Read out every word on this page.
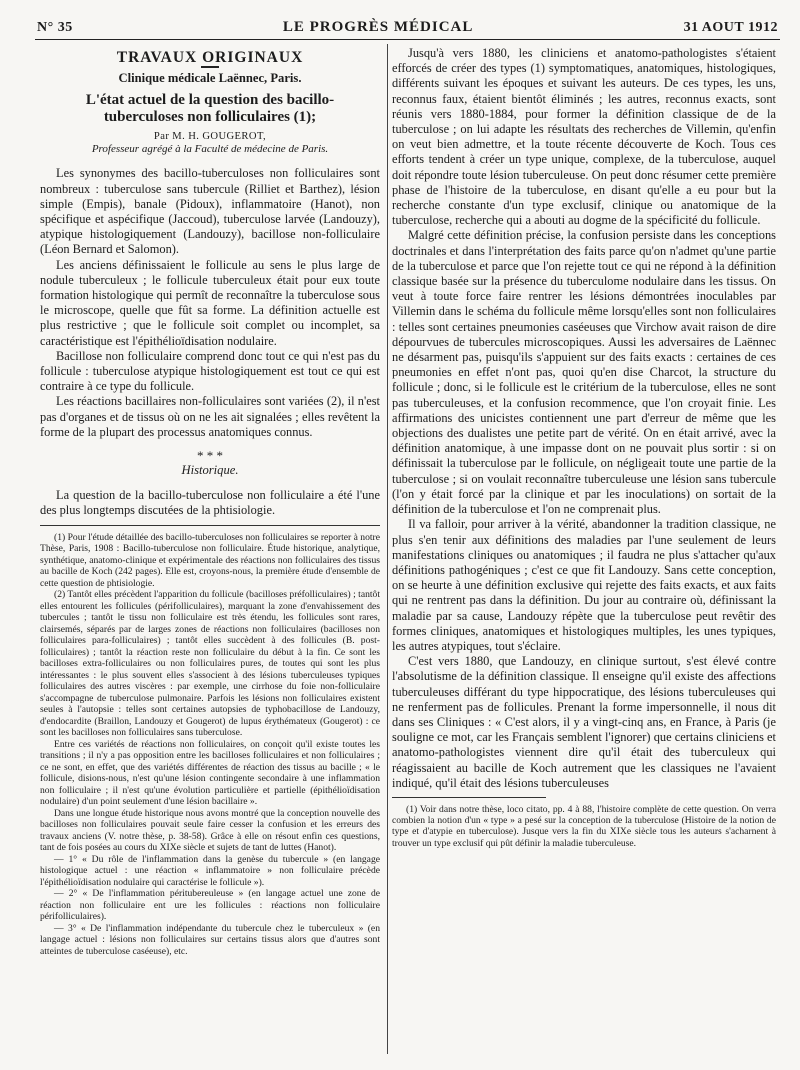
N° 35	LE PROGRÈS MÉDICAL	31 AOUT 1912
TRAVAUX ORIGINAUX
Clinique médicale Laënnec, Paris.
L'état actuel de la question des bacillo-tuberculoses non folliculaires (1);
Par M. H. GOUGEROT,
Professeur agrégé à la Faculté de médecine de Paris.

Les synonymes des bacillo-tuberculoses non folliculaires sont nombreux : tuberculose sans tubercule (Rilliet et Barthez), lésion simple (Empis), banale (Pidoux), inflammatoire (Hanot), non spécifique et aspécifique (Jaccoud), tuberculose larvée (Landouzy), atypique histologiquement (Landouzy), bacillose non-folliculaire (Léon Bernard et Salomon).

Les anciens définissaient le follicule au sens le plus large de nodule tuberculeux ; le follicule tuberculeux était pour eux toute formation histologique qui permît de reconnaître la tuberculose sous le microscope, quelle que fût sa forme. La définition actuelle est plus restrictive ; que le follicule soit complet ou incomplet, sa caractéristique est l'épithélioïdisation nodulaire.

Bacillose non folliculaire comprend donc tout ce qui n'est pas du follicule : tuberculose atypique histologiquement est tout ce qui est contraire à ce type du follicule.

Les réactions bacillaires non-folliculaires sont variées (2), il n'est pas d'organes et de tissus où on ne les ait signalées ; elles revêtent la forme de la plupart des processus anatomiques connus.

* * *
Historique.

La question de la bacillo-tuberculose non folliculaire a été l'une des plus longtemps discutées de la phtisiologie.

(1) Pour l'étude détaillée des bacillo-tuberculoses non folliculaires se reporter à notre Thèse, Paris, 1908 : Bacillo-tuberculose non folliculaire. Étude historique, analytique, synthétique, anatomo-clinique et expérimentale des réactions non folliculaires des tissus au bacille de Koch (242 pages). Elle est, croyons-nous, la première étude d'ensemble de cette question de phtisiologie.

(2) Tantôt elles précèdent l'apparition du follicule (bacilloses préfolliculaires) ; tantôt elles entourent les follicules (périfolliculaires), marquant la zone d'envahissement des tubercules ; tantôt le tissu non folliculaire est très étendu, les follicules sont rares, clairsemés, séparés par de larges zones de réactions non folliculaires (bacilloses non folliculaires para-folliculaires) ; tantôt elles succèdent à des follicules (B. post-folliculaires) ; tantôt la réaction reste non folliculaire du début à la fin. Ce sont les bacilloses extra-folliculaires ou non folliculaires pures, de toutes qui sont les plus intéressantes : le plus souvent elles s'associent à des lésions tuberculeuses typiques folliculaires des autres viscères : par exemple, une cirrhose du foie non-folliculaire s'accompagne de tuberculose pulmonaire. Parfois les lésions non folliculaires existent seules à l'autopsie : telles sont certaines autopsies de typhobacillose de Landouzy, d'endocardite (Braillon, Landouzy et Gougerot) de lupus érythémateux (Gougerot) : ce sont les bacilloses non folliculaires sans tuberculose.

Entre ces variétés de réactions non folliculaires, on conçoit qu'il existe toutes les transitions ; il n'y a pas opposition entre les bacilloses folliculaires et non folliculaires ; ce ne sont, en effet, que des variétés différentes de réaction des tissus au bacille ; « le follicule, disions-nous, n'est qu'une lésion contingente secondaire à une inflammation non folliculaire ; il n'est qu'une évolution particulière et partielle (épithélioïdisation nodulaire) d'un point seulement d'une lésion bacillaire ».

Dans une longue étude historique nous avons montré que la conception nouvelle des bacilloses non folliculaires pouvait seule faire cesser la confusion et les erreurs des travaux anciens (V. notre thèse, p. 38-58). Grâce à elle on résout enfin ces questions, tant de fois posées au cours du XIXe siècle et sujets de tant de luttes (Hanot).

— 1° « Du rôle de l'inflammation dans la genèse du tubercule » (en langage histologique actuel : une réaction « inflammatoire » non folliculaire précède l'épithélioïdisation nodulaire qui caractérise le follicule »).

— 2° « De l'inflammation péritubereuleuse » (en langage actuel une zone de réaction non folliculaire ent ure les follicules : réactions non folliculaire périfolliculaires).

— 3° « De l'inflammation indépendante du tubercule chez le tuberculeux » (en langage actuel : lésions non folliculaires sur certains tissus alors que d'autres sont atteintes de tuberculose caséeuse), etc.

Jusqu'à vers 1880, les cliniciens et anatomo-pathologistes s'étaient efforcés de créer des types (1) symptomatiques, anatomiques, histologiques, différents suivant les époques et suivant les auteurs. De ces types, les uns, reconnus faux, étaient bientôt éliminés ; les autres, reconnus exacts, sont réunis vers 1880-1884, pour former la définition classique de de la tuberculose ; on lui adapte les résultats des recherches de Villemin, qu'enfin on veut bien admettre, et la toute récente découverte de Koch. Tous ces efforts tendent à créer un type unique, complexe, de la tuberculose, auquel doit répondre toute lésion tuberculeuse. On peut donc résumer cette première phase de l'histoire de la tuberculose, en disant qu'elle a eu pour but la recherche constante d'un type exclusif, clinique ou anatomique de la tuberculose, recherche qui a abouti au dogme de la spécificité du follicule.

Malgré cette définition précise, la confusion persiste dans les conceptions doctrinales et dans l'interprétation des faits parce qu'on n'admet qu'une partie de la tuberculose et parce que l'on rejette tout ce qui ne répond à la définition classique basée sur la présence du tuberculome nodulaire dans les tissus. On veut à toute force faire rentrer les lésions démontrées inoculables par Villemin dans le schéma du follicule même lorsqu'elles sont non folliculaires : telles sont certaines pneumonies caséeuses que Virchow avait raison de dire dépourvues de tubercules microscopiques. Aussi les adversaires de Laënnec ne désarment pas, puisqu'ils s'appuient sur des faits exacts : certaines de ces pneumonies en effet n'ont pas, quoi qu'en dise Charcot, la structure du follicule ; donc, si le follicule est le critérium de la tuberculose, elles ne sont pas tuberculeuses, et la confusion recommence, que l'on croyait finie. Les affirmations des unicistes contiennent une part d'erreur de même que les objections des dualistes une petite part de vérité. On en était arrivé, avec la définition anatomique, à une impasse dont on ne pouvait plus sortir : si on définissait la tuberculose par le follicule, on négligeait toute une partie de la tuberculose ; si on voulait reconnaître tuberculeuse une lésion sans tubercule (l'on y était forcé par la clinique et par les inoculations) on sortait de la définition de la tuberculose et l'on ne comprenait plus.

Il va falloir, pour arriver à la vérité, abandonner la tradition classique, ne plus s'en tenir aux définitions des maladies par l'une seulement de leurs manifestations cliniques ou anatomiques ; il faudra ne plus s'attacher qu'aux définitions pathogéniques ; c'est ce que fit Landouzy. Sans cette conception, on se heurte à une définition exclusive qui rejette des faits exacts, et aux faits qui ne rentrent pas dans la définition. Du jour au contraire où, définissant la maladie par sa cause, Landouzy répète que la tuberculose peut revêtir des formes cliniques, anatomiques et histologiques multiples, les unes typiques, les autres atypiques, tout s'éclaire.

C'est vers 1880, que Landouzy, en clinique surtout, s'est élevé contre l'absolutisme de la définition classique. Il enseigne qu'il existe des affections tuberculeuses différant du type hippocratique, des lésions tuberculeuses qui ne renferment pas de follicules. Prenant la forme impersonnelle, il nous dit dans ses Cliniques : « C'est alors, il y a vingt-cinq ans, en France, à Paris (je souligne ce mot, car les Français semblent l'ignorer) que certains cliniciens et anatomo-pathologistes viennent dire qu'il était des tuberculeux qui réagissaient au bacille de Koch autrement que les classiques ne l'avaient indiqué, qu'il était des lésions tuberculeuses

(1) Voir dans notre thèse, loco citato, pp. 4 à 88, l'histoire complète de cette question. On verra combien la notion d'un « type » a pesé sur la conception de la tuberculose (Histoire de la notion de type et d'atypie en tuberculose). Jusque vers la fin du XIXe siècle tous les auteurs s'acharnent à trouver un type exclusif qui pût définir la maladie tuberculeuse.
